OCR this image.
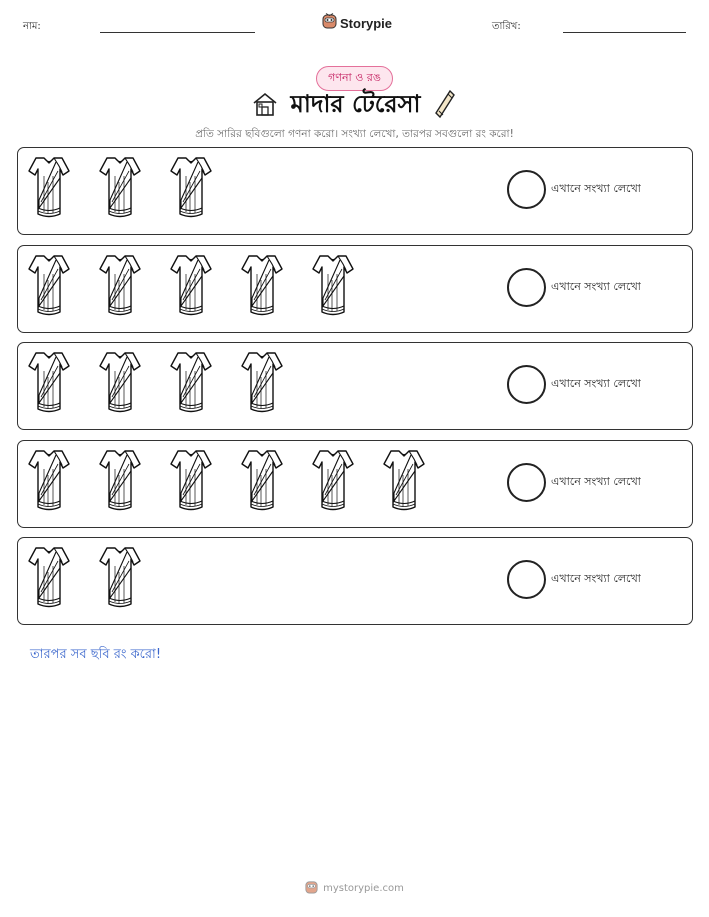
নাম:	Storypie	তারিখ:
গণনা ও রঙ
মাদার টেরেসা
প্রতি সারির ছবিগুলো গণনা করো। সংখ্যা লেখো, তারপর সবগুলো রং করো!
এখানে সংখ্যা লেখো
এখানে সংখ্যা লেখো
এখানে সংখ্যা লেখো
এখানে সংখ্যা লেখো
এখানে সংখ্যা লেখো
তারপর সব ছবি রং করো!
mystorypie.com
